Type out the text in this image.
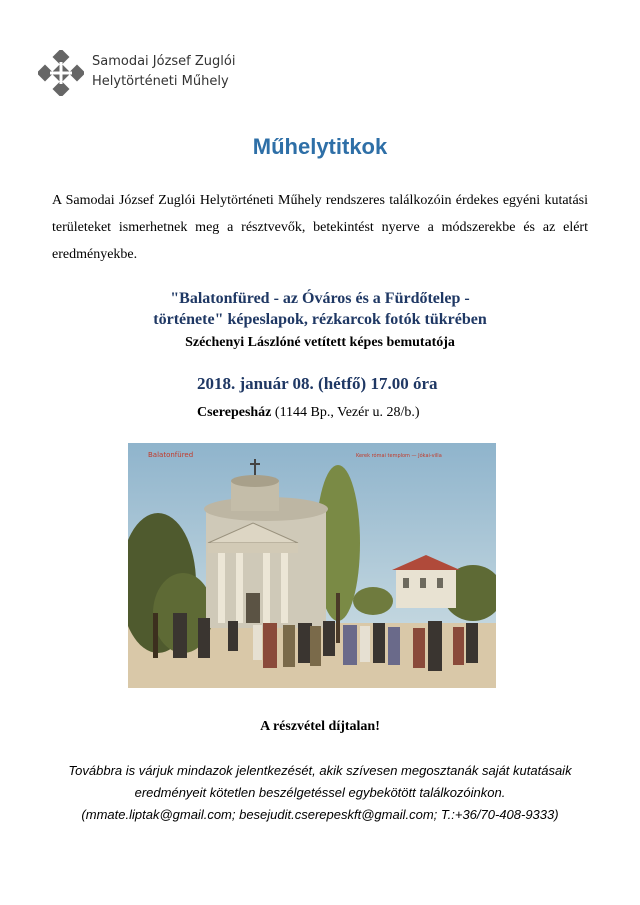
Samodai József Zuglói
Helytörténeti Műhely
Műhelytitkok
A Samodai József Zuglói Helytörténeti Műhely rendszeres találkozóin érdekes egyéni kutatási területeket ismerhetnek meg a résztvevők, betekintést nyerve a módszerekbe és az elért eredményekbe.
"Balatonfüred - az Óváros és a Fürdőtelep -
története" képeslapok, rézkarcok fotók tükrében
Széchenyi Lászlóné vetített képes bemutatója
2018. január 08. (hétfő) 17.00 óra
Cserepesház (1144 Bp., Vezér u. 28/b.)
Balatonfüred	Kerek római templom — Jókai-villa
A részvétel díjtalan!
Továbbra is várjuk mindazok jelentkezését, akik szívesen megosztanák saját kutatásaik
eredményeit kötetlen beszélgetéssel egybekötött találkozóinkon.
(mmate.liptak@gmail.com; besejudit.cserepeskft@gmail.com; T.:+36/70-408-9333)
